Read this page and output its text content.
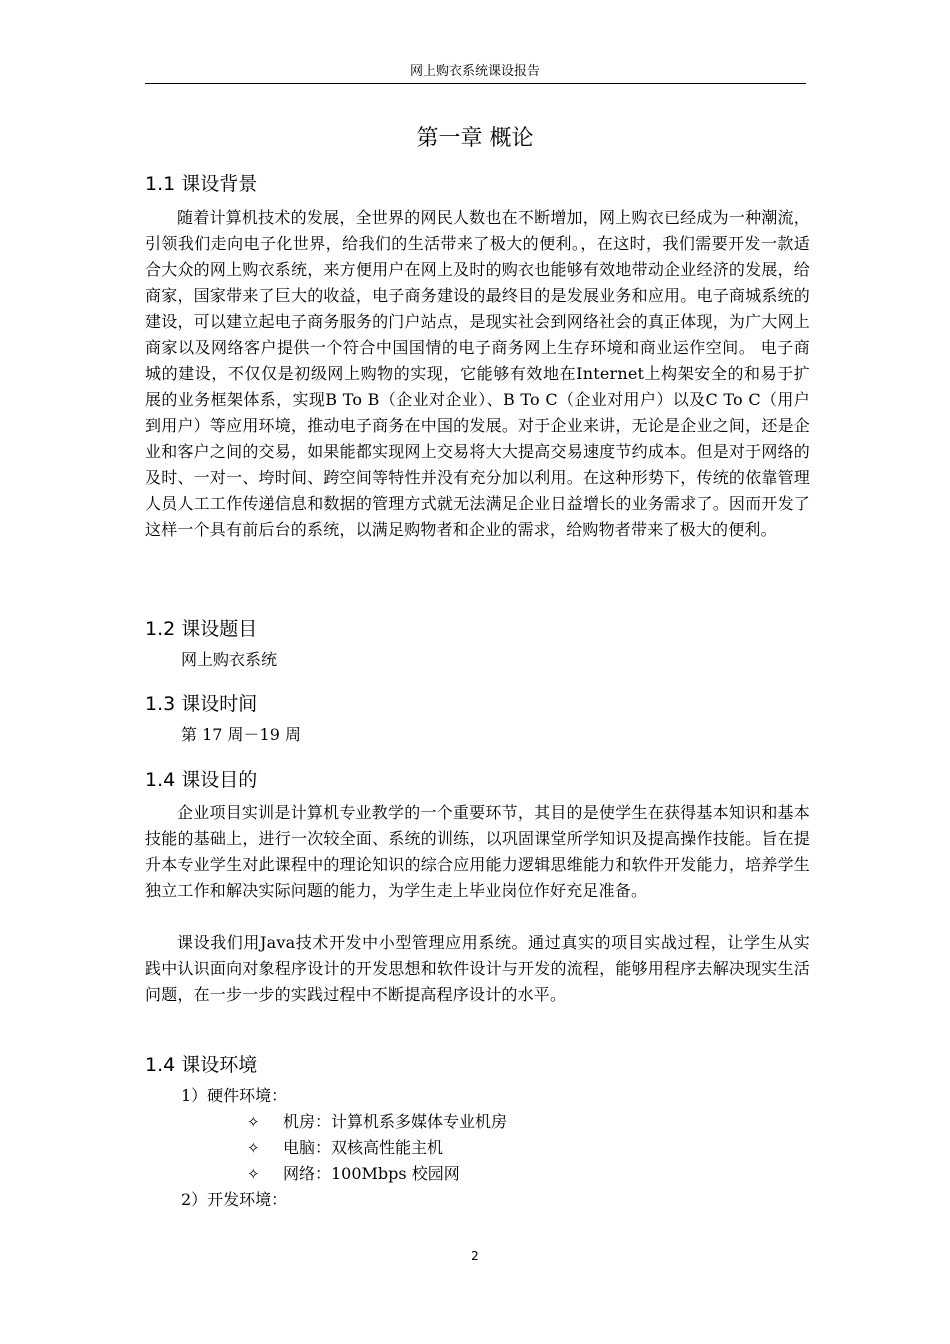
网上购衣系统课设报告
第一章 概论
1.1 课设背景

随着计算机技术的发展，全世界的网民人数也在不断增加，网上购衣已经成为一种潮流，引领我们走向电子化世界，给我们的生活带来了极大的便利。，在这时，我们需要开发一款适合大众的网上购衣系统，来方便用户在网上及时的购衣也能够有效地带动企业经济的发展，给商家，国家带来了巨大的收益，电子商务建设的最终目的是发展业务和应用。电子商城系统的建设，可以建立起电子商务服务的门户站点，是现实社会到网络社会的真正体现，为广大网上商家以及网络客户提供一个符合中国国情的电子商务网上生存环境和商业运作空间。 电子商城的建设，不仅仅是初级网上购物的实现，它能够有效地在Internet上构架安全的和易于扩展的业务框架体系，实现B To B（企业对企业）、B To C（企业对用户）以及C To C（用户到用户）等应用环境，推动电子商务在中国的发展。对于企业来讲，无论是企业之间，还是企业和客户之间的交易，如果能都实现网上交易将大大提高交易速度节约成本。但是对于网络的及时、一对一、垮时间、跨空间等特性并没有充分加以利用。在这种形势下，传统的依靠管理人员人工工作传递信息和数据的管理方式就无法满足企业日益增长的业务需求了。因而开发了这样一个具有前后台的系统，以满足购物者和企业的需求，给购物者带来了极大的便利。

1.2 课设题目
网上购衣系统
1.3 课设时间
第 17 周－19 周
1.4 课设目的

企业项目实训是计算机专业教学的一个重要环节，其目的是使学生在获得基本知识和基本技能的基础上，进行一次较全面、系统的训练，以巩固课堂所学知识及提高操作技能。旨在提升本专业学生对此课程中的理论知识的综合应用能力逻辑思维能力和软件开发能力，培养学生独立工作和解决实际问题的能力，为学生走上毕业岗位作好充足准备。

课设我们用Java技术开发中小型管理应用系统。通过真实的项目实战过程，让学生从实践中认识面向对象程序设计的开发思想和软件设计与开发的流程，能够用程序去解决现实生活问题，在一步一步的实践过程中不断提高程序设计的水平。

1.4 课设环境
1）硬件环境：
✧ 机房：计算机系多媒体专业机房
✧ 电脑：双核高性能主机
✧ 网络：100Mbps 校园网
2）开发环境：
2
